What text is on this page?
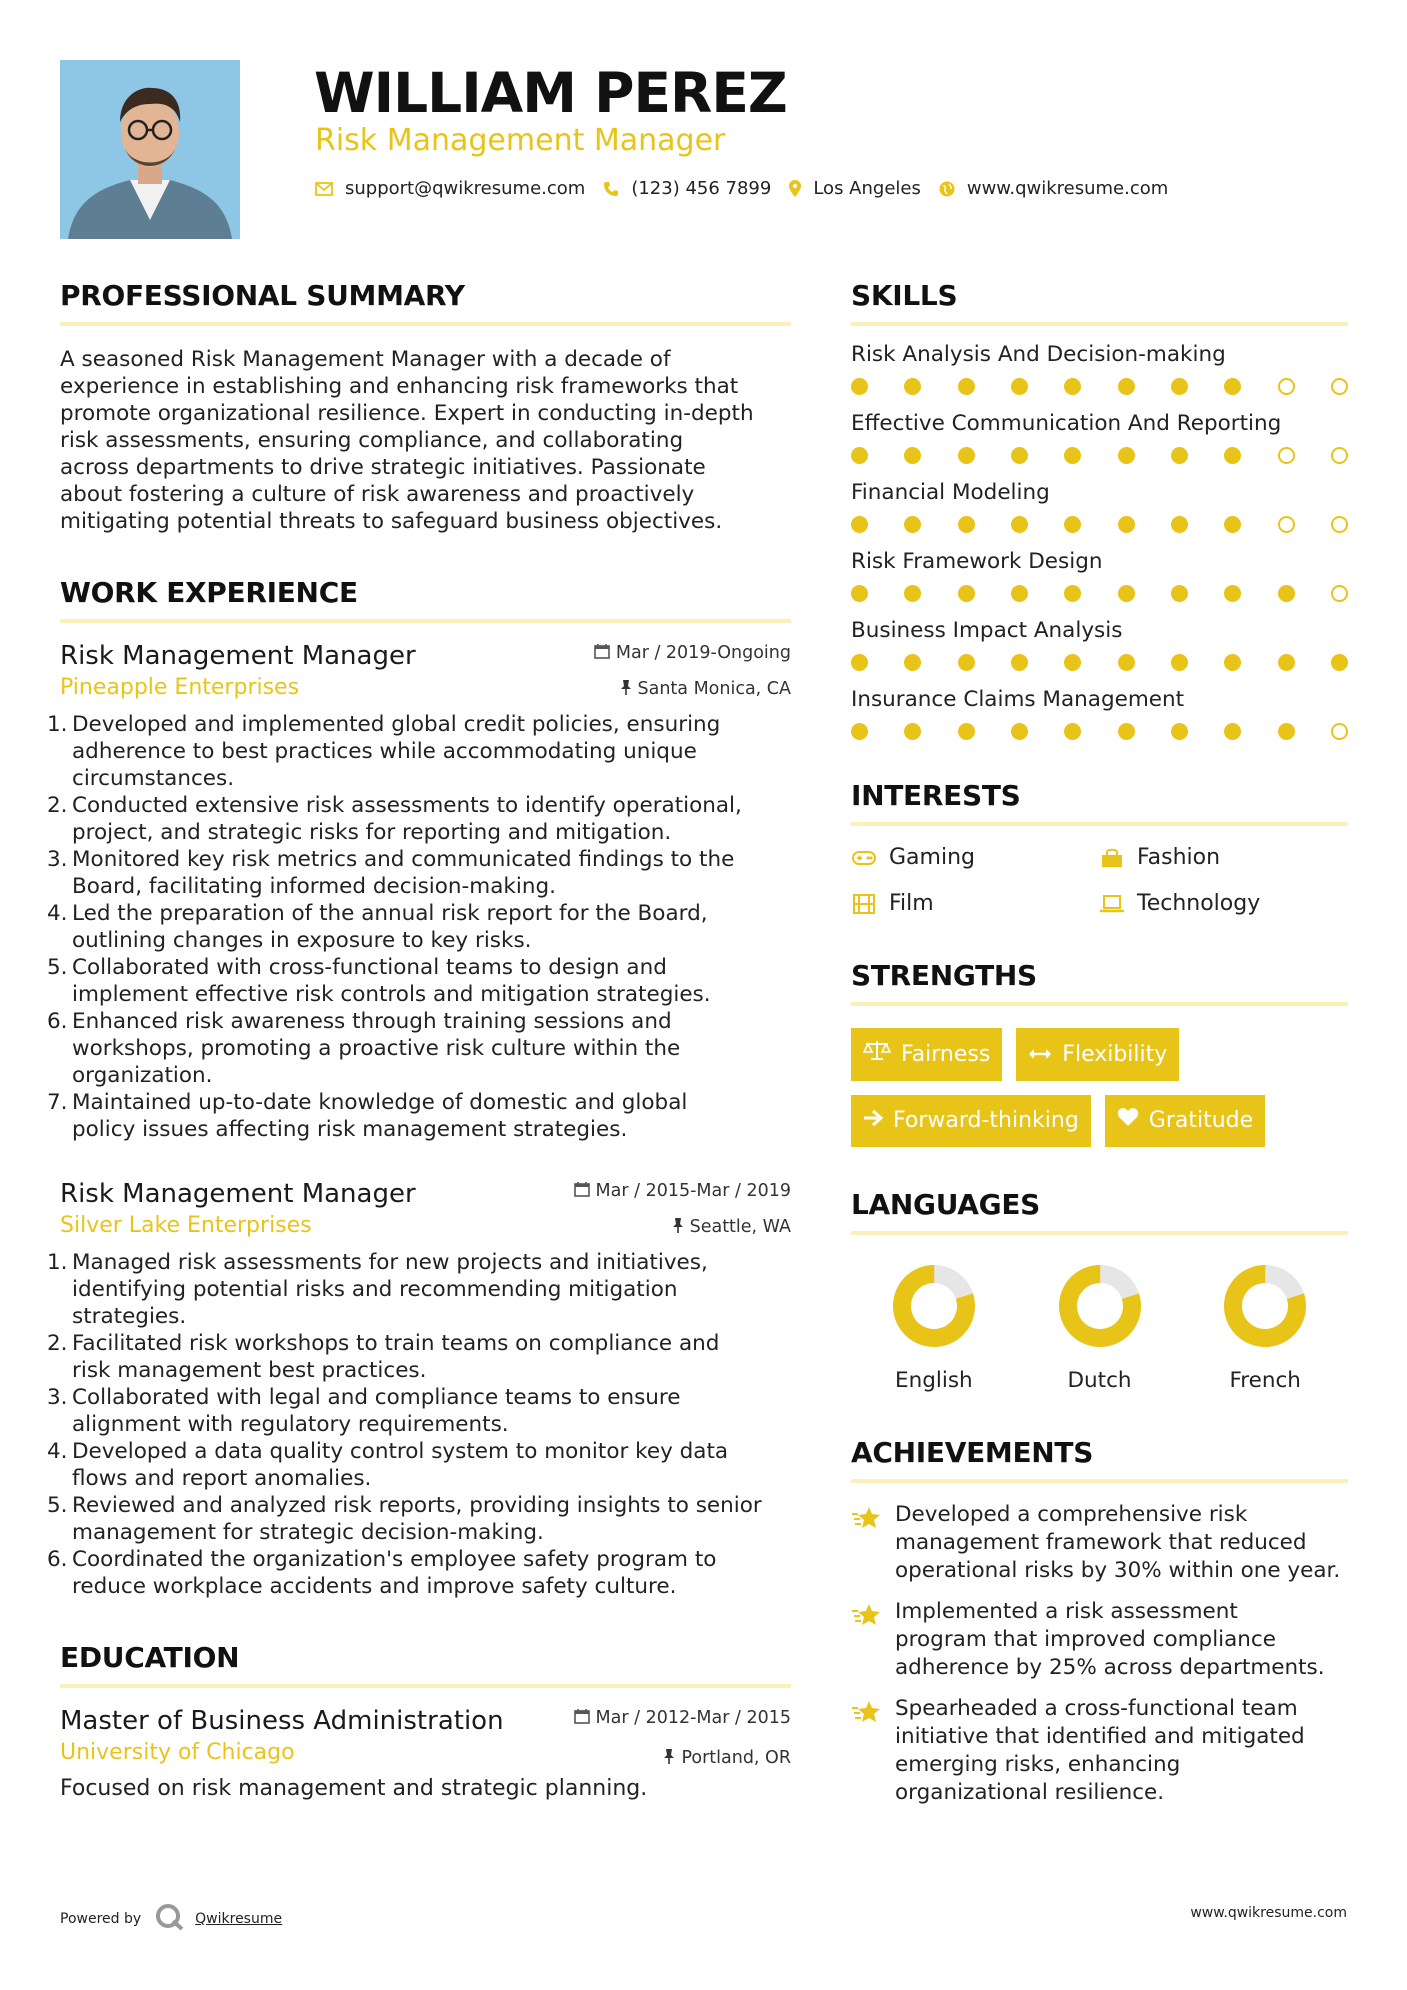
WILLIAM PEREZ
Risk Management Manager
support@qwikresume.com	(123) 456 7899 Los Angeles	www.qwikresume.com
PROFESSIONAL SUMMARY
A seasoned Risk Management Manager with a decade of
experience in establishing and enhancing risk frameworks that
promote organizational resilience. Expert in conducting in-depth
risk assessments, ensuring compliance, and collaborating
across departments to drive strategic initiatives. Passionate
about fostering a culture of risk awareness and proactively
mitigating potential threats to safeguard business objectives.
WORK EXPERIENCE
Mar / 2019-Ongoing
Santa Monica, CA
Risk Management Manager
Pineapple Enterprises
1. Developed and implemented global credit policies, ensuring
adherence to best practices while accommodating unique
circumstances.
2. Conducted extensive risk assessments to identify operational,
project, and strategic risks for reporting and mitigation.
3. Monitored key risk metrics and communicated findings to the
Board, facilitating informed decision-making.
4. Led the preparation of the annual risk report for the Board,
outlining changes in exposure to key risks.
5. Collaborated with cross-functional teams to design and
implement effective risk controls and mitigation strategies.
6. Enhanced risk awareness through training sessions and
workshops, promoting a proactive risk culture within the
organization.
7. Maintained up-to-date knowledge of domestic and global
policy issues affecting risk management strategies.
Mar / 2015-Mar / 2019
Seattle, WA
Risk Management Manager
Silver Lake Enterprises
1. Managed risk assessments for new projects and initiatives,
identifying potential risks and recommending mitigation
strategies.
2. Facilitated risk workshops to train teams on compliance and
risk management best practices.
3. Collaborated with legal and compliance teams to ensure
alignment with regulatory requirements.
4. Developed a data quality control system to monitor key data
flows and report anomalies.
5. Reviewed and analyzed risk reports, providing insights to senior
management for strategic decision-making.
6. Coordinated the organization's employee safety program to
reduce workplace accidents and improve safety culture.
EDUCATION
Mar / 2012-Mar / 2015
Portland, OR
Master of Business Administration
University of Chicago
Focused on risk management and strategic planning.
SKILLS
Risk Analysis And Decision-making
Effective Communication And Reporting
Financial Modeling
Risk Framework Design
Business Impact Analysis
Insurance Claims Management
INTERESTS
Gaming	Fashion
Film	Technology
STRENGTHS
Fairness	Flexibility
Forward-thinking	Gratitude
LANGUAGES
English	Dutch	French
ACHIEVEMENTS
Developed a comprehensive risk
management framework that reduced
operational risks by 30% within one year.
Implemented a risk assessment
program that improved compliance
adherence by 25% across departments.
Spearheaded a cross-functional team
initiative that identified and mitigated
emerging risks, enhancing
organizational resilience.
Powered by	Qwikresume	www.qwikresume.com
